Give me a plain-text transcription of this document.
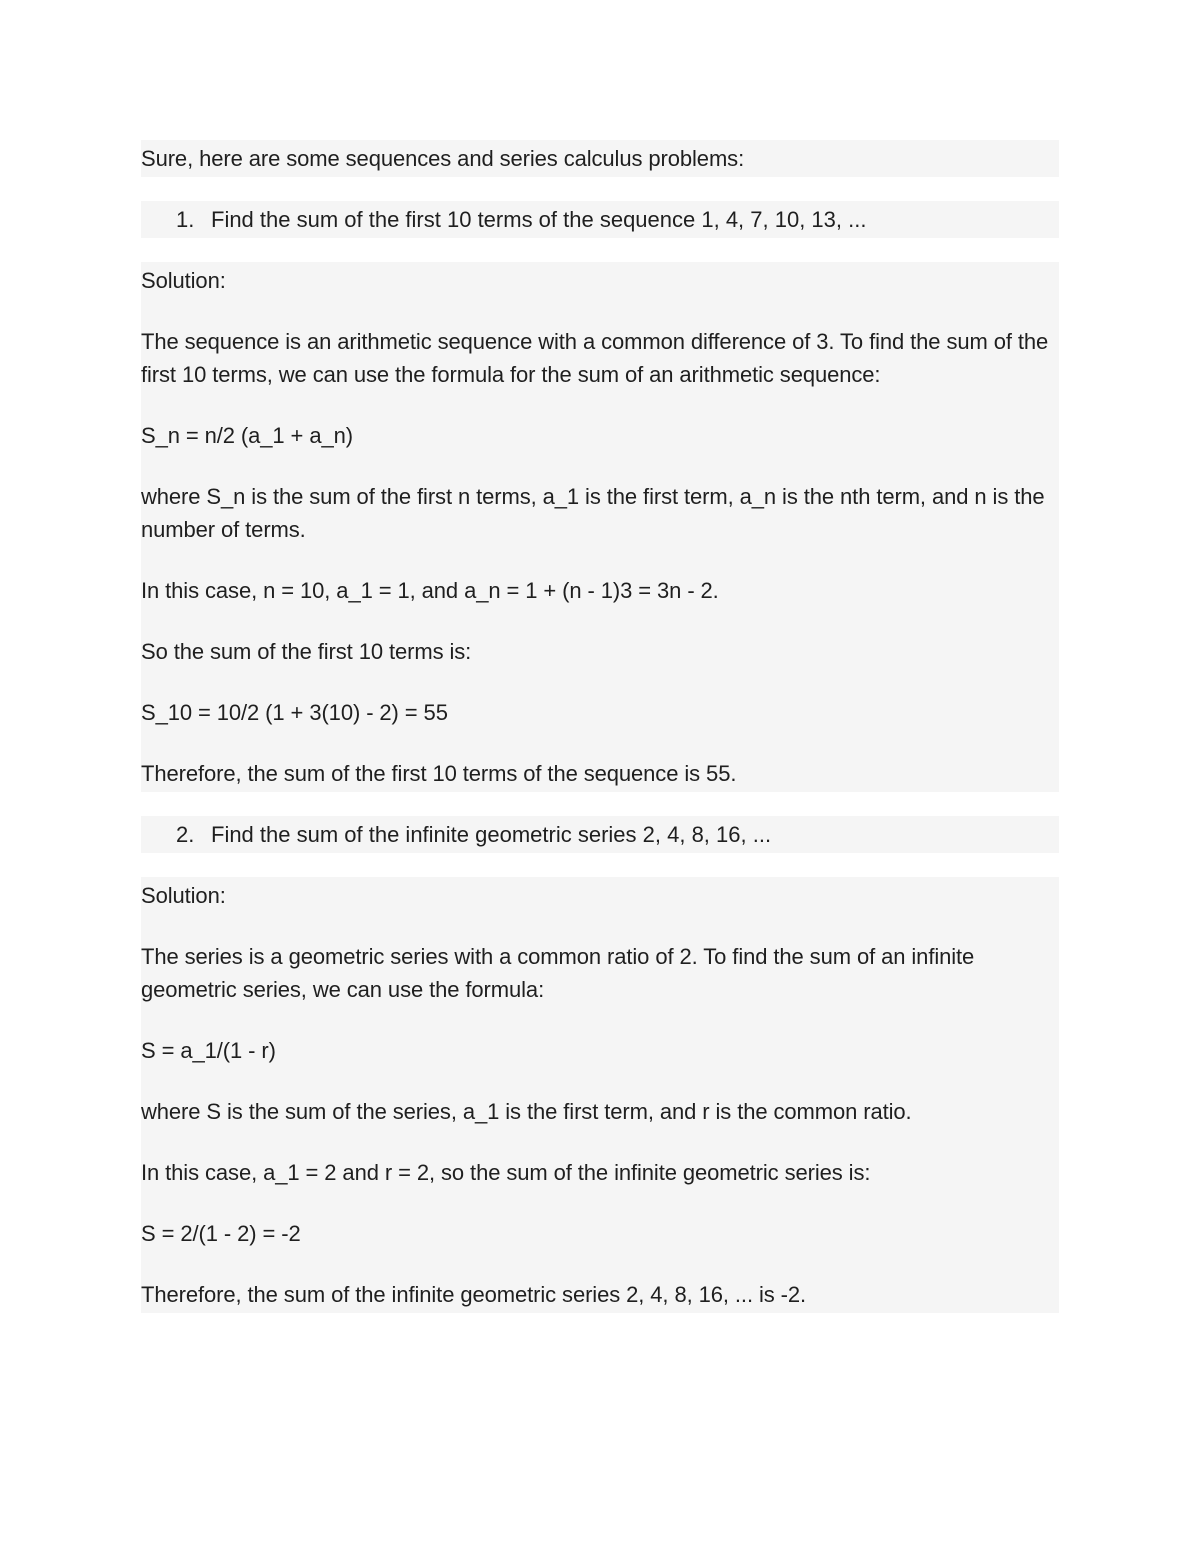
Sure, here are some sequences and series calculus problems:

1. Find the sum of the first 10 terms of the sequence 1, 4, 7, 10, 13, ...

Solution:

The sequence is an arithmetic sequence with a common difference of 3. To find the sum of the first 10 terms, we can use the formula for the sum of an arithmetic sequence:

S_n = n/2 (a_1 + a_n)

where S_n is the sum of the first n terms, a_1 is the first term, a_n is the nth term, and n is the number of terms.

In this case, n = 10, a_1 = 1, and a_n = 1 + (n - 1)3 = 3n - 2.

So the sum of the first 10 terms is:

S_10 = 10/2 (1 + 3(10) - 2) = 55

Therefore, the sum of the first 10 terms of the sequence is 55.

2. Find the sum of the infinite geometric series 2, 4, 8, 16, ...

Solution:

The series is a geometric series with a common ratio of 2. To find the sum of an infinite geometric series, we can use the formula:

S = a_1/(1 - r)

where S is the sum of the series, a_1 is the first term, and r is the common ratio.

In this case, a_1 = 2 and r = 2, so the sum of the infinite geometric series is:

S = 2/(1 - 2) = -2

Therefore, the sum of the infinite geometric series 2, 4, 8, 16, ... is -2.
